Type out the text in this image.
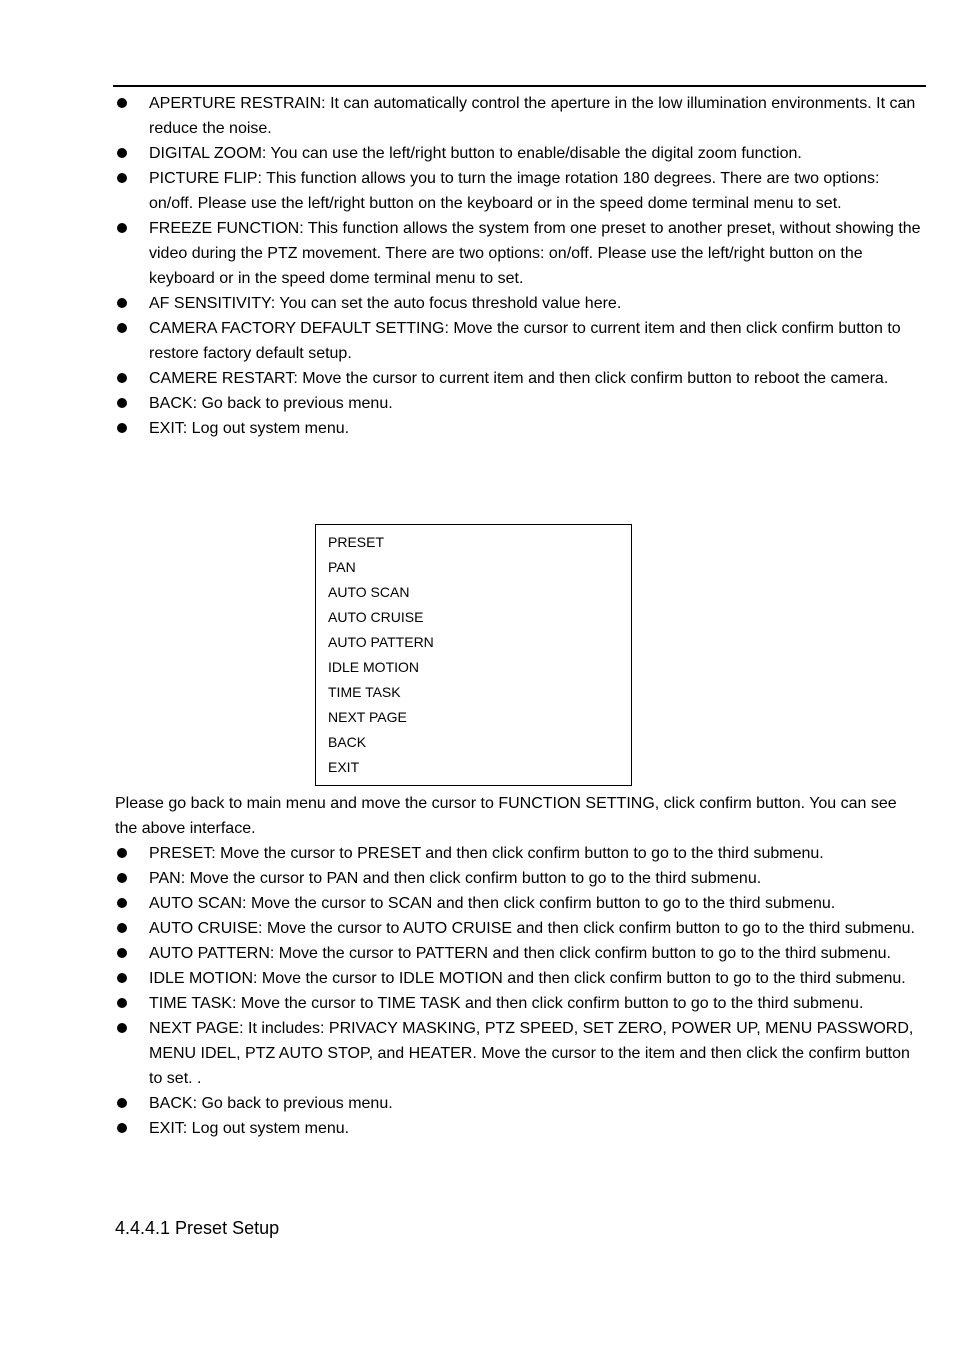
APERTURE RESTRAIN: It can automatically control the aperture in the low illumination environments. It can reduce the noise.
DIGITAL ZOOM: You can use the left/right button to enable/disable the digital zoom function.
PICTURE FLIP: This function allows you to turn the image rotation 180 degrees. There are two options: on/off. Please use the left/right button on the keyboard or in the speed dome terminal menu to set.
FREEZE FUNCTION: This function allows the system from one preset to another preset, without showing the video during the PTZ movement. There are two options: on/off. Please use the left/right button on the keyboard or in the speed dome terminal menu to set.
AF SENSITIVITY: You can set the auto focus threshold value here.
CAMERA FACTORY DEFAULT SETTING: Move the cursor to current item and then click confirm button to restore factory default setup.
CAMERE RESTART: Move the cursor to current item and then click confirm button to reboot the camera.
BACK: Go back to previous menu.
EXIT: Log out system menu.
PRESET
PAN
AUTO SCAN
AUTO CRUISE
AUTO PATTERN
IDLE MOTION
TIME TASK
NEXT PAGE
BACK
EXIT

Please go back to main menu and move the cursor to FUNCTION SETTING, click confirm button. You can see the above interface.

PRESET: Move the cursor to PRESET and then click confirm button to go to the third submenu.
PAN: Move the cursor to PAN and then click confirm button to go to the third submenu.
AUTO SCAN: Move the cursor to SCAN and then click confirm button to go to the third submenu.
AUTO CRUISE: Move the cursor to AUTO CRUISE and then click confirm button to go to the third submenu.
AUTO PATTERN: Move the cursor to PATTERN and then click confirm button to go to the third submenu.
IDLE MOTION: Move the cursor to IDLE MOTION and then click confirm button to go to the third submenu.
TIME TASK: Move the cursor to TIME TASK and then click confirm button to go to the third submenu.
NEXT PAGE: It includes: PRIVACY MASKING, PTZ SPEED, SET ZERO, POWER UP, MENU PASSWORD, MENU IDEL, PTZ AUTO STOP, and HEATER. Move the cursor to the item and then click the confirm button to set. .
BACK: Go back to previous menu.
EXIT: Log out system menu.
4.4.4.1 Preset Setup
